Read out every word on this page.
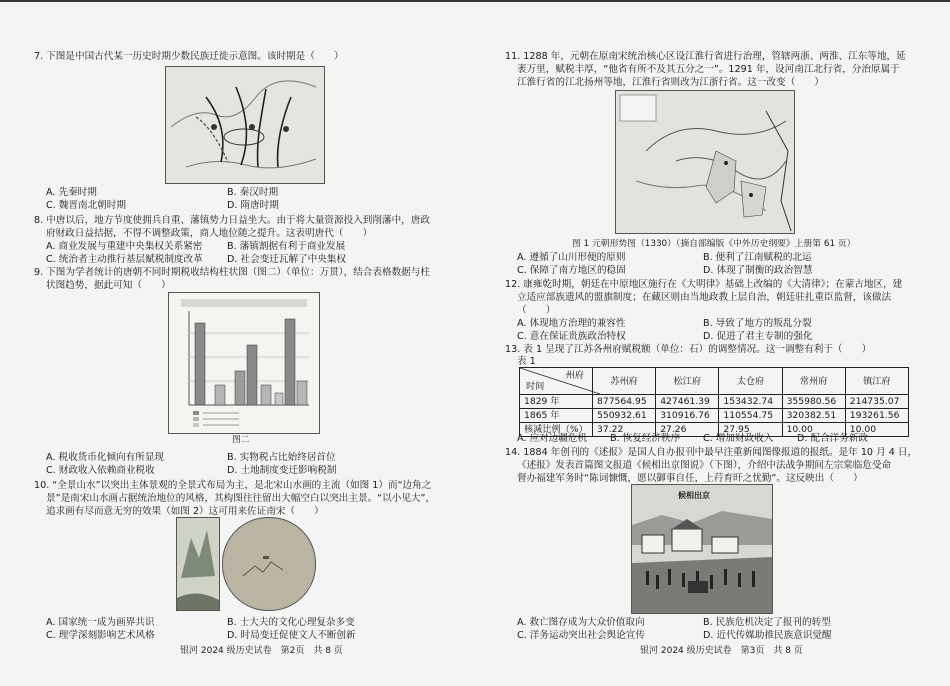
7. 下图是中国古代某一历史时期少数民族迁徙示意图。该时期是（　　）
A. 先秦时期	B. 秦汉时期
C. 魏晋南北朝时期	D. 隋唐时期
8. 中唐以后，地方节度使拥兵自重、藩镇势力日益坐大。由于将大量资源投入到削藩中，唐政
府财政日益拮据，不得不调整政策，商人地位随之提升。这表明唐代（　　）
A. 商业发展与重建中央集权关系紧密	B. 藩镇割据有利于商业发展
C. 统治者主动推行基层赋税制度改革	D. 社会变迁瓦解了中央集权
9. 下图为学者统计的唐朝不同时期税收结构柱状图（图二）（单位：万贯），结合表格数据与柱
状图趋势，据此可知（　　）
图二
A. 税收货币化倾向有所显现	B. 实物税占比始终居首位
C. 财政收入依赖商业税收	D. 土地制度变迁影响税制
10. “全景山水”以突出主体景观的全景式布局为主，是北宋山水画的主流（如图 1）而“边角之
景”是南宋山水画占据统治地位的风格，其构图往往留出大幅空白以突出主景。“以小见大”，
追求画有尽而意无穷的效果（如图 2）这可用来佐证南宋（　　）
A. 国家统一成为画界共识	B. 士大夫的文化心理复杂多变
C. 理学深刻影响艺术风格	D. 时局变迁促使文人不断创新
银河 2024 级历史试卷　第2页　共 8 页
11. 1288 年，元朝在原南宋统治核心区设江淮行省进行治理，管辖两浙、两淮、江东等地，延
袤万里，赋税丰厚，“他省有所不及其五分之一”。1291 年，设河南江北行省，分治原属于
江淮行省的江北扬州等地，江淮行省则改为江浙行省。这一改变（　　）
图 1 元朝形势图（1330）（摘自部编版《中外历史纲要》上册第 61 页）
A. 遵循了山川形便的原则	B. 便利了江南赋税的北运
C. 保障了南方地区的稳固	D. 体现了制衡的政治智慧
12. 康雍乾时期，朝廷在中原地区施行在《大明律》基础上改编的《大清律》；在蒙古地区，建
立适应部族遗风的盟旗制度；在藏区则由当地政教上层自治，朝廷驻扎重臣监督，该做法
（　　）
A. 体现地方治理的兼容性	B. 导致了地方的叛乱分裂
C. 意在保证贵族政治特权	D. 促进了君主专制的强化
13. 表 1 呈现了江苏各州府赋税额（单位：石）的调整情况。这一调整有利于（　　）
表 1
州府
时间	苏州府	松江府	太仓府	常州府	镇江府
1829 年	877564.95	427461.39	153432.74	355980.56	214735.07
1865 年	550932.61	310916.76	110554.75	320382.51	193261.56
核减比例（%）	37.22	27.26	27.95	10.00	10.00
A. 应对边疆危机 B. 恢复经济秩序 C. 增加财政收入 D. 配合洋务新政
14. 1884 年创刊的《述报》是国人自办报刊中最早注重新闻图像报道的报纸。是年 10 月 4 日，
《述报》发表首篇图文报道《候相出京图说》（下图），介绍中法战争期间左宗棠临危受命
督办福建军务时“陈词慷慨，愿以御事自任，上荇育旰之忧勤”。这反映出（　　）
候相出京
A. 救亡图存成为大众价值取向	B. 民族危机决定了报刊的转型
C. 洋务运动突出社会舆论宣传	D. 近代传媒助推民族意识觉醒
银河 2024 级历史试卷　第3页　共 8 页
